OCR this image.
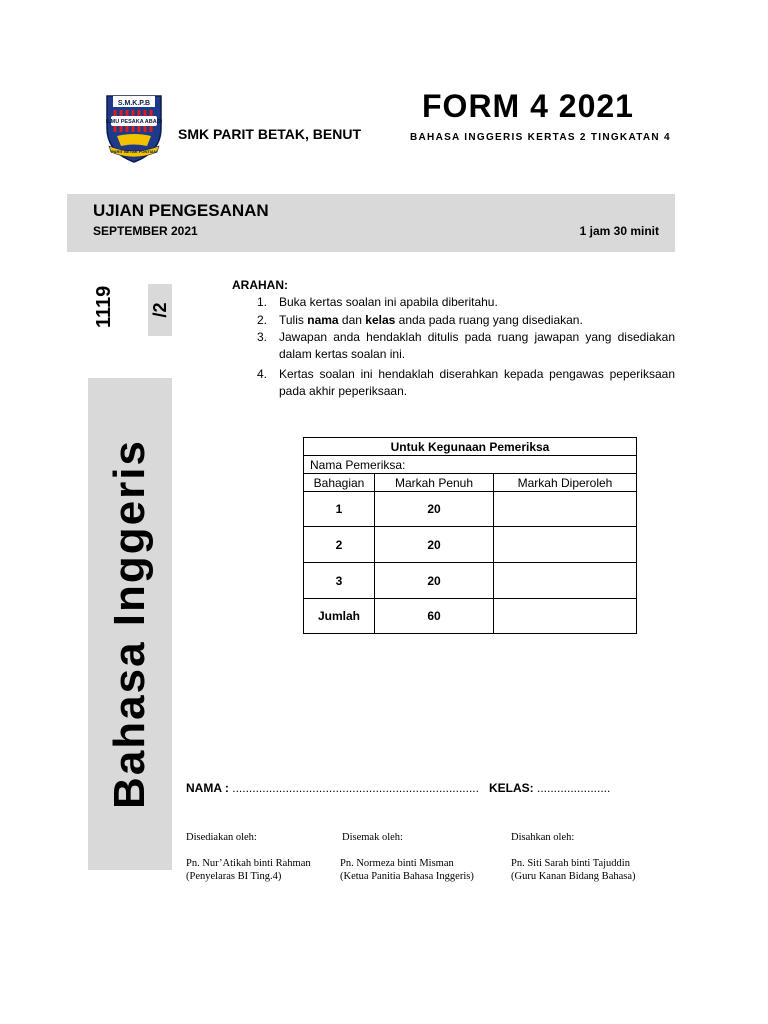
S.M.K.P.B
ILMU PESAKA ABADI
PARIT BETAK PONTIAN
SMK PARIT BETAK, BENUT
FORM 4 2021
BAHASA INGGERIS KERTAS 2 TINGKATAN 4
UJIAN PENGESANAN
SEPTEMBER 2021	1 jam 30 minit
1119 /2
Bahasa Inggeris
ARAHAN:
1. Buka kertas soalan ini apabila diberitahu.
2. Tulis nama dan kelas anda pada ruang yang disediakan.
3. Jawapan anda hendaklah ditulis pada ruang jawapan yang disediakan dalam kertas soalan ini.
4. Kertas soalan ini hendaklah diserahkan kepada pengawas peperiksaan pada akhir peperiksaan.
Untuk Kegunaan Pemeriksa		
Nama Pemeriksa:		
Bahagian	Markah Penuh	Markah Diperoleh
1	20	
2	20	
3	20	
Jumlah	60	
NAMA : .......................................................................... KELAS: ......................
Disediakan oleh:	Disemak oleh:	Disahkan oleh:
Pn. Nur’Atikah binti Rahman
(Penyelaras BI Ting.4)
Pn. Normeza binti Misman
(Ketua Panitia Bahasa Inggeris)
Pn. Siti Sarah binti Tajuddin
(Guru Kanan Bidang Bahasa)
